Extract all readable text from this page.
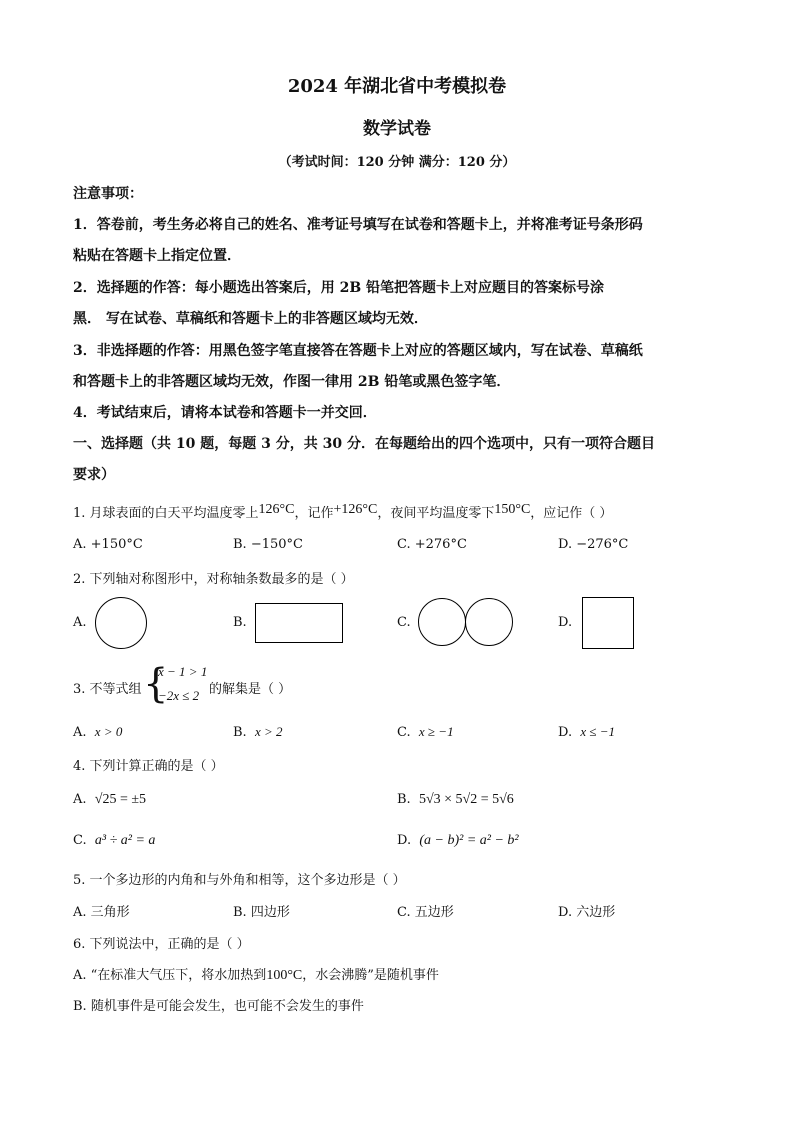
2024 年湖北省中考模拟卷
数学试卷
（考试时间：120 分钟 满分：120 分）
注意事项：
1．答卷前，考生务必将自己的姓名、准考证号填写在试卷和答题卡上，并将准考证号条形码
粘贴在答题卡上指定位置．
2．选择题的作答：每小题选出答案后，用 2B 铅笔把答题卡上对应题目的答案标号涂
黑． 写在试卷、草稿纸和答题卡上的非答题区域均无效．
3．非选择题的作答：用黑色签字笔直接答在答题卡上对应的答题区域内，写在试卷、草稿纸
和答题卡上的非答题区域均无效，作图一律用 2B 铅笔或黑色签字笔．
4．考试结束后，请将本试卷和答题卡一并交回．
一、选择题（共 10 题，每题 3 分，共 30 分．在每题给出的四个选项中，只有一项符合题目
要求）
1. 月球表面的白天平均温度零上126°C，记作+126°C，夜间平均温度零下150°C，应记作（ ）
A. +150°C	B. −150°C	C. +276°C	D. −276°C
2. 下列轴对称图形中，对称轴条数最多的是（ ）
A.	B.	C.	D.
3. 不等式组 {
x − 1 > 1
−2x ≤ 2 的解集是（ ）
A. x > 0	B. x > 2	C. x ≥ −1	D. x ≤ −1
4. 下列计算正确的是（ ）
A. √25 = ±5	B. 5√3 × 5√2 = 5√6
C. a³ ÷ a² = a	D. (a − b)² = a² − b²
5. 一个多边形的内角和与外角和相等，这个多边形是（ ）
A. 三角形	B. 四边形	C. 五边形	D. 六边形
6. 下列说法中，正确的是（ ）
A. “在标准大气压下，将水加热到100°C，水会沸腾”是随机事件
B. 随机事件是可能会发生，也可能不会发生的事件
